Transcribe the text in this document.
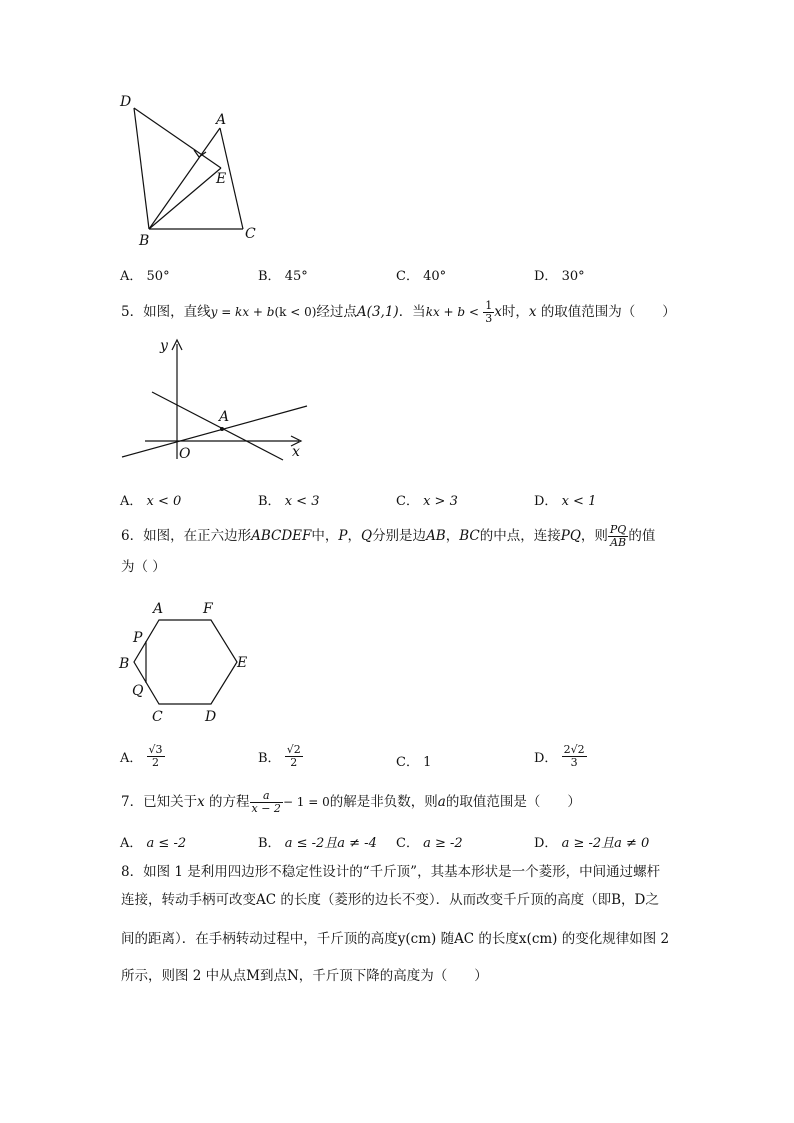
D
A
E
B	C
A． 50°	B． 45°	C． 40°	D． 30°
5．如图，直线y = kx + b(k < 0)经过点A(3,1)．当kx + $b < \frac{1}{3}$ x时，x 的取值范围为（　　）
y
x
O
A
A． x < 0	B． x < 3	C． x > 3	D． x < 1
6．如图，在正六边形ABCDEF中，P，Q分别是边AB，BC的中点，连接PQ，则 $\frac{PQ}{AB}$ 的值
为（ ）
A	F
P
B	E
Q
C	D
A． $\frac{√3}{2}$	B． $\frac{√2}{2}$	C． 1	D． $\frac{2√2}{3}$
7．已知关于x 的方程 $\frac{a}{x - 2} - 1 = 0$的解是非负数，则a的取值范围是（　　）
A． a ≤ -2	B． a ≤ -2且a ≠ -4 C． a ≥ -2	D． a ≥ -2且a ≠ 0
8．如图 1 是利用四边形不稳定性设计的“千斤顶”，其基本形状是一个菱形，中间通过螺杆
连接，转动手柄可改变AC 的长度（菱形的边长不变）．从而改变千斤顶的高度（即B，D之
间的距离）．在手柄转动过程中，千斤顶的高度y(cm) 随AC 的长度x(cm) 的变化规律如图 2
所示，则图 2 中从点M到点N，千斤顶下降的高度为（　　）
